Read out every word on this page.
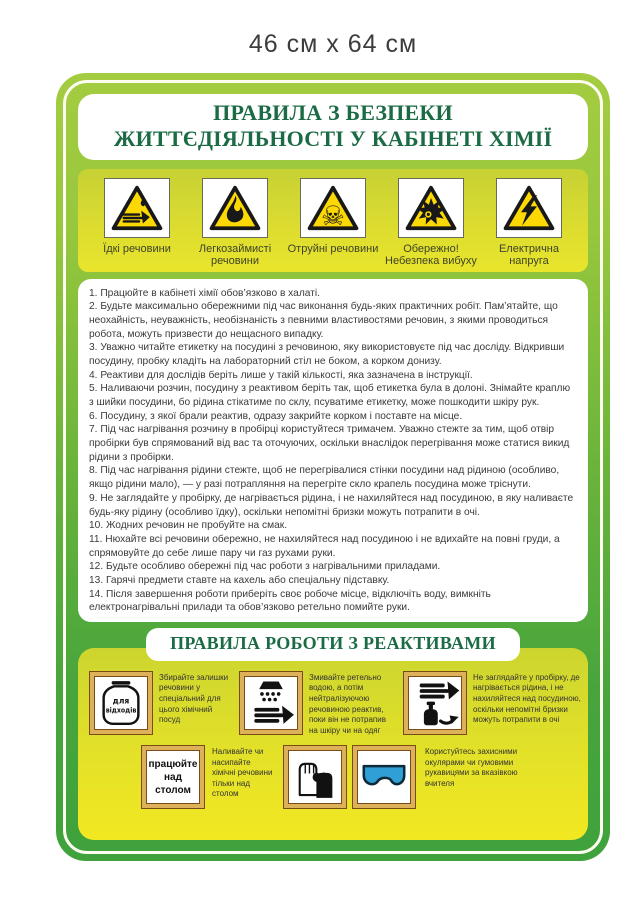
46 см х 64 см
ПРАВИЛА З БЕЗПЕКИ
ЖИТТЄДІЯЛЬНОСТІ У КАБІНЕТІ ХІМІЇ
Їдкі речовини	Легкозаймисті речовини
☠
Отруйні речовини	Обережно! Небезпека вибуху
Електрична напруга

1. Працюйте в кабінеті хімії обов’язково в халаті.

2. Будьте максимально обережними під час виконання будь-яких практичних робіт. Пам’ятайте, що неохайність, неуважність, необізнаність з певними властивостями речовин, з якими проводиться робота, можуть призвести до нещасного випадку.

3. Уважно читайте етикетку на посудині з речовиною, яку використовуєте під час досліду. Відкривши посудину, пробку кладіть на лабораторний стіл не боком, а корком донизу.

4. Реактиви для дослідів беріть лише у такій кількості, яка зазначена в інструкції.

5. Наливаючи розчин, посудину з реактивом беріть так, щоб етикетка була в долоні. Знімайте краплю з шийки посудини, бо рідина стікатиме по склу, псуватиме етикетку, може пошкодити шкіру рук.

6. Посудину, з якої брали реактив, одразу закрийте корком і поставте на місце.

7. Під час нагрівання розчину в пробірці користуйтеся тримачем. Уважно стежте за тим, щоб отвір пробірки був спрямований від вас та оточуючих, оскільки внаслідок перегрівання може статися викид рідини з пробірки.

8. Під час нагрівання рідини стежте, щоб не перегрівалися стінки посудини над рідиною (особливо, якщо рідини мало), — у разі потрапляння на перегріте скло крапель посудина може тріснути.

9. Не заглядайте у пробірку, де нагрівається рідина, і не нахиляйтеся над посудиною, в яку наливаєте будь-яку рідину (особливо їдку), оскільки непомітні бризки можуть потрапити в очі.

10. Жодних речовин не пробуйте на смак.

11. Нюхайте всі речовини обережно, не нахиляйтеся над посудиною і не вдихайте на повні груди, а спрямовуйте до себе лише пару чи газ рухами руки.

12. Будьте особливо обережні під час роботи з нагрівальними приладами.

13. Гарячі предмети ставте на кахель або спеціальну підставку.

14. Після завершення роботи приберіть своє робоче місце, відключіть воду, вимкніть електронагрівальні прилади та обов’язково ретельно помийте руки.

ПРАВИЛА РОБОТИ З РЕАКТИВАМИ
для
відходів
Збирайте залишки речовини у спеціальний для цього хімічний посуд
Змивайте ретельно водою, а потім нейтралізуючою речовиною реактив, поки він не потрапив на шкіру чи на одяг
Не заглядайте у пробірку, де нагрівається рідина, і не нахиляйтеся над посудиною, оскільки непомітні бризки можуть потрапити в очі
працюйте над столом
Наливайте чи насипайте хімічні речовини тільки над столом
Користуйтесь захисними окулярами чи гумовими рукавицями за вказівкою вчителя
